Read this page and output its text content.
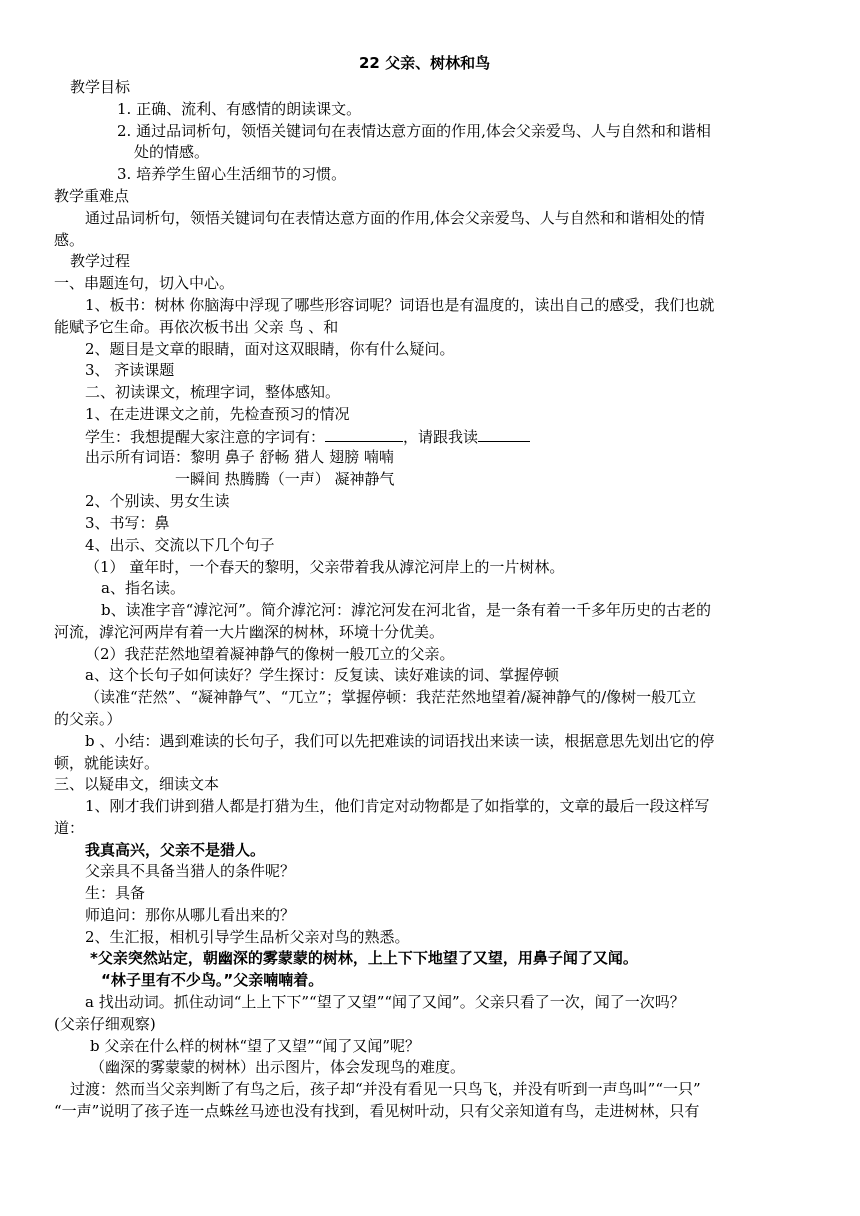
22 父亲、树林和鸟
教学目标
1. 正确、流利、有感情的朗读课文。
2. 通过品词析句，领悟关键词句在表情达意方面的作用,体会父亲爱鸟、人与自然和和谐相
处的情感。
3. 培养学生留心生活细节的习惯。
教学重难点
通过品词析句，领悟关键词句在表情达意方面的作用,体会父亲爱鸟、人与自然和和谐相处的情
感。
教学过程
一、串题连句，切入中心。
1、板书：树林 你脑海中浮现了哪些形容词呢？词语也是有温度的，读出自己的感受，我们也就
能赋予它生命。再依次板书出 父亲 鸟 、和
2、题目是文章的眼睛，面对这双眼睛，你有什么疑问。
3、 齐读课题
二、初读课文，梳理字词，整体感知。
1、在走进课文之前，先检查预习的情况
学生：我想提醒大家注意的字词有：	，请跟我读
出示所有词语：黎明 鼻子 舒畅 猎人 翅膀 喃喃
一瞬间 热腾腾（一声） 凝神静气
2、个别读、男女生读
3、书写：鼻
4、出示、交流以下几个句子
（1） 童年时，一个春天的黎明，父亲带着我从滹沱河岸上的一片树林。
a、指名读。
b、读准字音“滹沱河”。简介滹沱河：滹沱河发在河北省，是一条有着一千多年历史的古老的
河流，滹沱河两岸有着一大片幽深的树林，环境十分优美。
（2）我茫茫然地望着凝神静气的像树一般兀立的父亲。
a、这个长句子如何读好？学生探讨：反复读、读好难读的词、掌握停顿
（读准“茫然”、“凝神静气”、“兀立”；掌握停顿：我茫茫然地望着/凝神静气的/像树一般兀立
的父亲。）
b 、小结：遇到难读的长句子，我们可以先把难读的词语找出来读一读，根据意思先划出它的停
顿，就能读好。
三、以疑串文，细读文本
1、刚才我们讲到猎人都是打猎为生，他们肯定对动物都是了如指掌的，文章的最后一段这样写
道：
我真高兴，父亲不是猎人。
父亲具不具备当猎人的条件呢？
生：具备
师追问：那你从哪儿看出来的？
2、生汇报，相机引导学生品析父亲对鸟的熟悉。
*父亲突然站定，朝幽深的雾蒙蒙的树林，上上下下地望了又望，用鼻子闻了又闻。
“林子里有不少鸟。”父亲喃喃着。
a 找出动词。抓住动词“上上下下”“望了又望”“闻了又闻”。父亲只看了一次，闻了一次吗？
(父亲仔细观察)
b 父亲在什么样的树林“望了又望”“闻了又闻”呢？
（幽深的雾蒙蒙的树林）出示图片，体会发现鸟的难度。
过渡：然而当父亲判断了有鸟之后，孩子却“并没有看见一只鸟飞，并没有听到一声鸟叫”“一只”
“一声”说明了孩子连一点蛛丝马迹也没有找到，看见树叶动，只有父亲知道有鸟，走进树林，只有
